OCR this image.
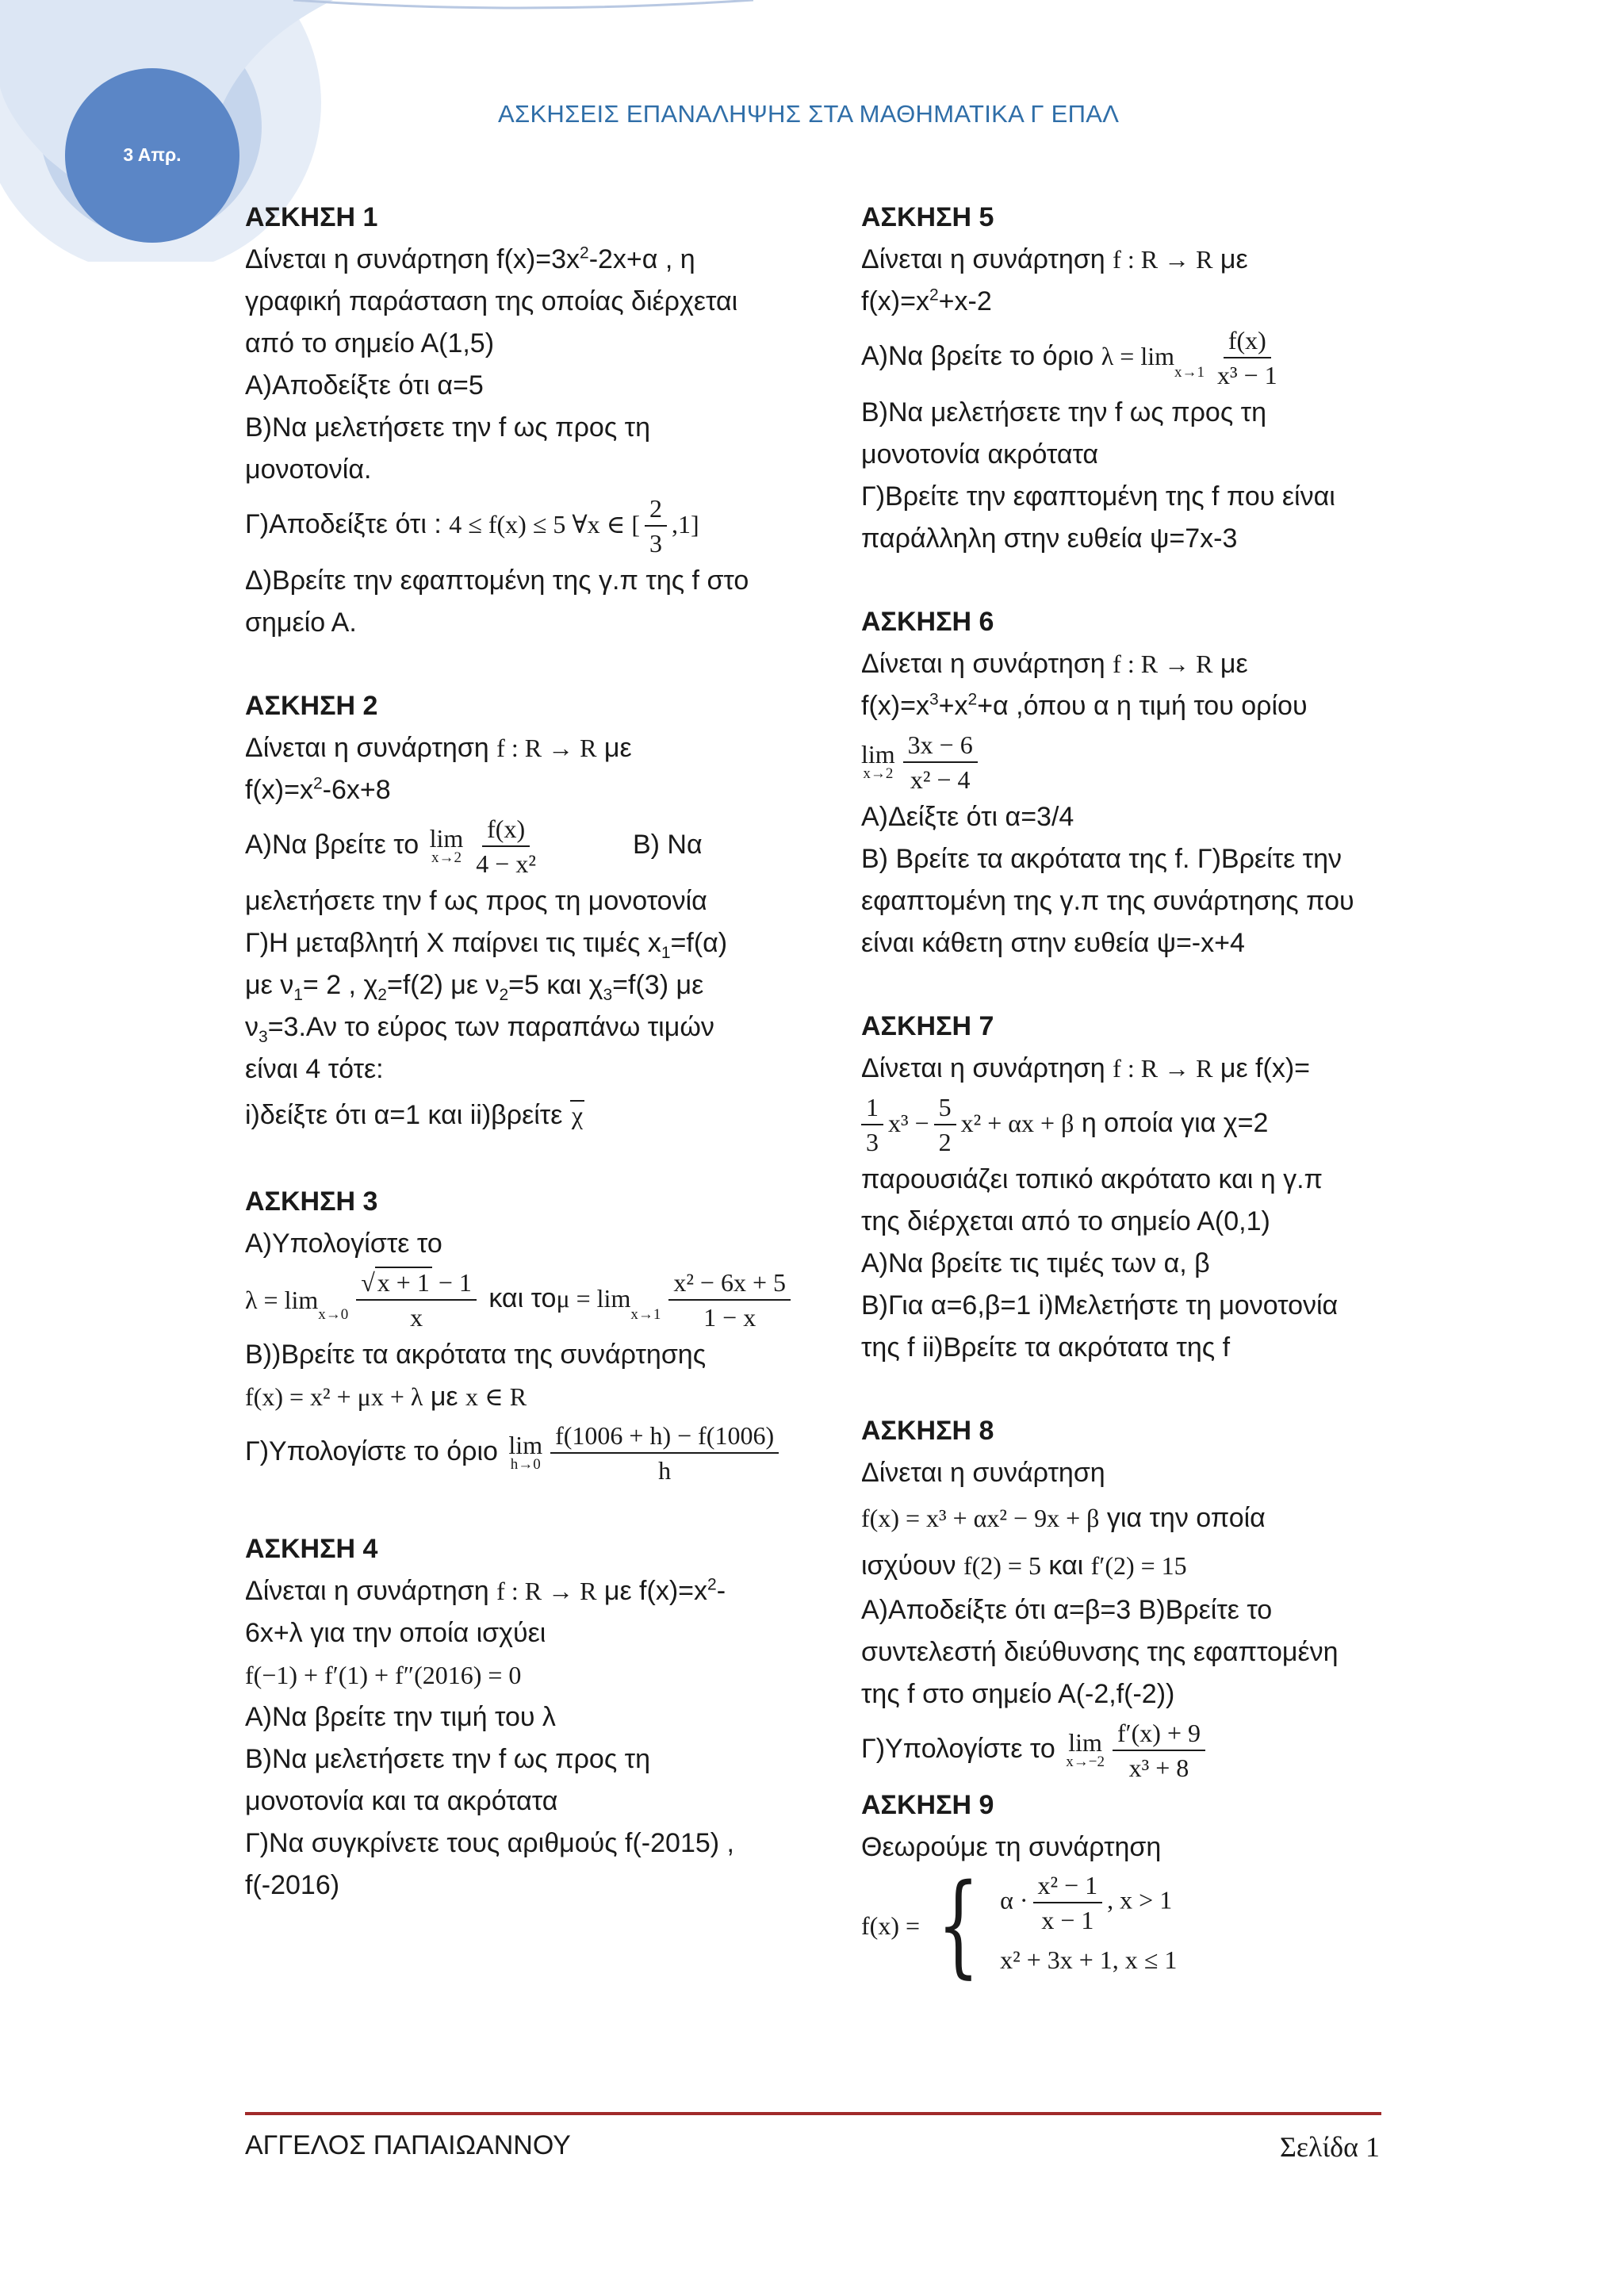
3 Απρ.
ΑΣΚΗΣΕΙΣ ΕΠΑΝΑΛΗΨΗΣ ΣΤΑ ΜΑΘΗΜΑΤΙΚΑ Γ ΕΠΑΛ
ΑΣΚΗΣΗ 1
Δίνεται η συνάρτηση $f(x)=3x^2-2x+\alpha$ , η
γραφική παράσταση της οποίας διέρχεται
από το σημείο Α(1,5)
Α)Αποδείξτε ότι α=5
Β)Να μελετήσετε την f ως προς τη
μονοτονία.
Γ)Αποδείξτε ότι : 4 ≤ f(x) ≤ 5 ∀x ∈ [ $\frac{2}{3} ,1$]
Δ)Βρείτε την εφαπτομένη της γ.π της f στο
σημείο Α.
ΑΣΚΗΣΗ 2
Δίνεται η συνάρτηση f : R → R με
$f(x)=x^2-6x+8$
Α)Να βρείτε το lim
$x\to 2 \frac{f(x)}{\text{4 − x²}}$	Β) Να
μελετήσετε την f ως προς τη μονοτονία
Γ)Η μεταβλητή Χ παίρνει τις τιμές $x_1=f(\alpha)$
με $\nu_1= 2$ , $\chi_2=f(2)$ με $\nu_2=5$ και $\chi_3=f(3)$ με
$\nu_3=3.A\nu$ το εύρος των παραπάνω τιμών
είναι 4 τότε:
i)δείξτε ότι α=1 και ii)βρείτε χ
ΑΣΚΗΣΗ 3
Α)Υπολογίστε το
λ = lim
$x\to 0 \frac{√x + 1 - 1}{x}$ και τομ = lim
$x\to 1 \frac{\text{x² − 6x + 5}}{1 - x}$
Β))Βρείτε τα ακρότατα της συνάρτησης
f(x) = x² + μx + λ με x ∈ R
Γ)Υπολογίστε το όριο lim
$h\to 0 \frac{f(1006 + h) - f(1006)}{h}$
ΑΣΚΗΣΗ 4
Δίνεται η συνάρτηση f : R → R με $f(x)=x^2-$
6x+λ για την οποία ισχύει
f(−1) + f′(1) + f″(2016) = 0
Α)Να βρείτε την τιμή του λ
Β)Να μελετήσετε την f ως προς τη
μονοτονία και τα ακρότατα
Γ)Να συγκρίνετε τους αριθμούς f(-2015) ,
f(-2016)
ΑΣΚΗΣΗ 5
Δίνεται η συνάρτηση f : R → R με
$f(x)=x^2+x-2$
Α)Να βρείτε το όριο λ = lim
$x\to 1 \frac{f(x)}{\text{x³ − 1}}$
Β)Να μελετήσετε την f ως προς τη
μονοτονία ακρότατα
Γ)Βρείτε την εφαπτομένη της f που είναι
παράλληλη στην ευθεία ψ=7x-3
ΑΣΚΗΣΗ 6
Δίνεται η συνάρτηση f : R → R με
$f(x)=x^3+x^2+\alpha$ ,όπου α η τιμή του ορίου
lim
$x\to 2 \frac{3x - 6}{\text{x² − 4}}$
Α)Δείξτε ότι α=3/4
Β) Βρείτε τα ακρότατα της f. Γ)Βρείτε την
εφαπτομένη της γ.π της συνάρτησης που
είναι κάθετη στην ευθεία ψ=-x+4
ΑΣΚΗΣΗ 7
Δίνεται η συνάρτηση f : R → R με f(x)=
$\frac{1}{3} x^3 - \frac{5}{2} x^2 + \alpha x + \beta$ η οποία για χ=2
παρουσιάζει τοπικό ακρότατο και η γ.π
της διέρχεται από το σημείο Α(0,1)
Α)Να βρείτε τις τιμές των α, β
Β)Για α=6,β=1 i)Μελετήστε τη μονοτονία
της f ii)Βρείτε τα ακρότατα της f
ΑΣΚΗΣΗ 8
Δίνεται η συνάρτηση
f(x) = x³ + αx² − 9x + β για την οποία
ισχύουν f(2) = 5 και f′(2) = 15
Α)Αποδείξτε ότι α=β=3 Β)Βρείτε το
συντελεστή διεύθυνσης της εφαπτομένη
της f στο σημείο Α(-2,f(-2))
Γ)Υπολογίστε το lim
$x\to-2 \frac{f'(x) + 9}{\text{x³ + 8}}$
ΑΣΚΗΣΗ 9
Θεωρούμε τη συνάρτηση
f(x) = { $\alpha \cdot \frac{\text{x² − 1}}{x - 1}$ , x > 1
x² + 3x + 1, x ≤ 1
ΑΓΓΕΛΟΣ ΠΑΠΑΙΩΑΝΝΟΥ	Σελίδα 1
